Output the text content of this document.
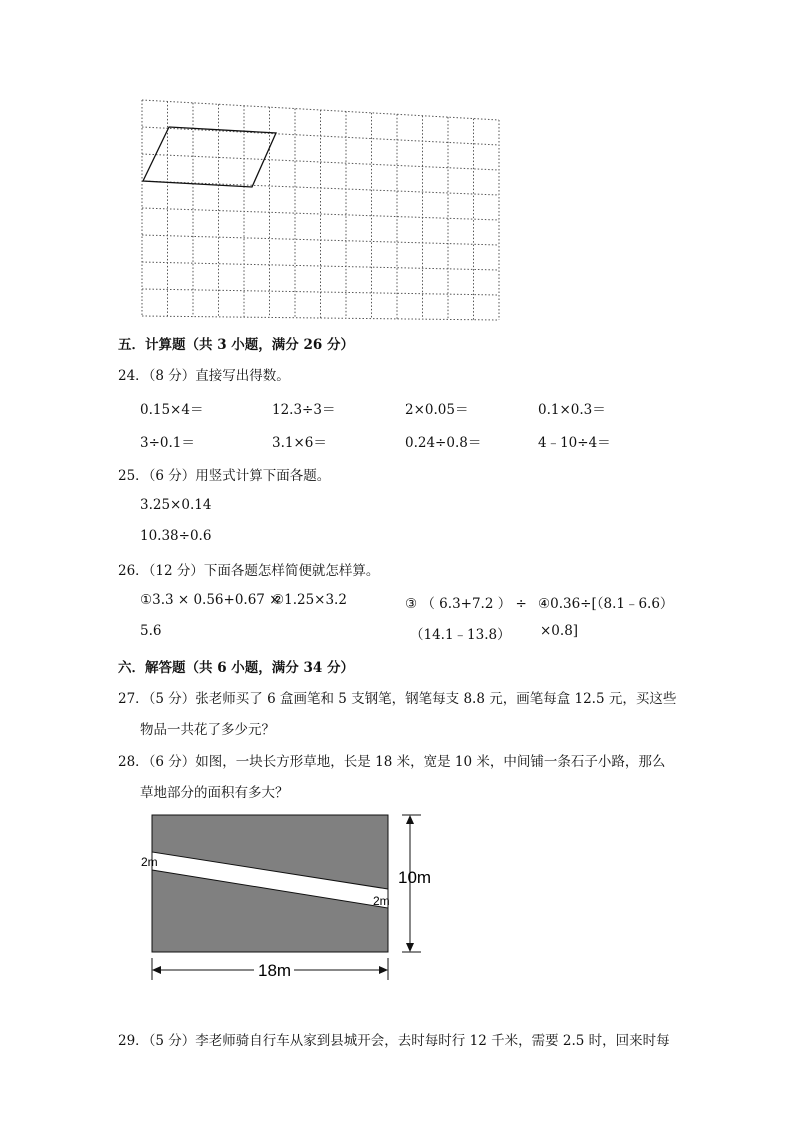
五．计算题（共 3 小题，满分 26 分）
24．（8 分）直接写出得数。
0.15×4＝	12.3÷3＝	2×0.05＝	0.1×0.3＝
3÷0.1＝	3.1×6＝	0.24÷0.8＝	4﹣10÷4＝
25．（6 分）用竖式计算下面各题。
3.25×0.14
10.38÷0.6
26．（12 分）下面各题怎样简便就怎样算。
①3.3 × 0.56+0.67 ×
5.6
②1.25×3.2	③ （ 6.3+7.2 ） ÷
（14.1﹣13.8）
④0.36÷[（8.1﹣6.6）
×0.8]
六．解答题（共 6 小题，满分 34 分）
27．（5 分）张老师买了 6 盒画笔和 5 支钢笔，钢笔每支 8.8 元，画笔每盒 12.5 元，买这些
物品一共花了多少元？
28．（6 分）如图，一块长方形草地，长是 18 米，宽是 10 米，中间铺一条石子小路，那么
草地部分的面积有多大？
2m
2m
10m
18m
29．（5 分）李老师骑自行车从家到县城开会，去时每时行 12 千米，需要 2.5 时，回来时每
